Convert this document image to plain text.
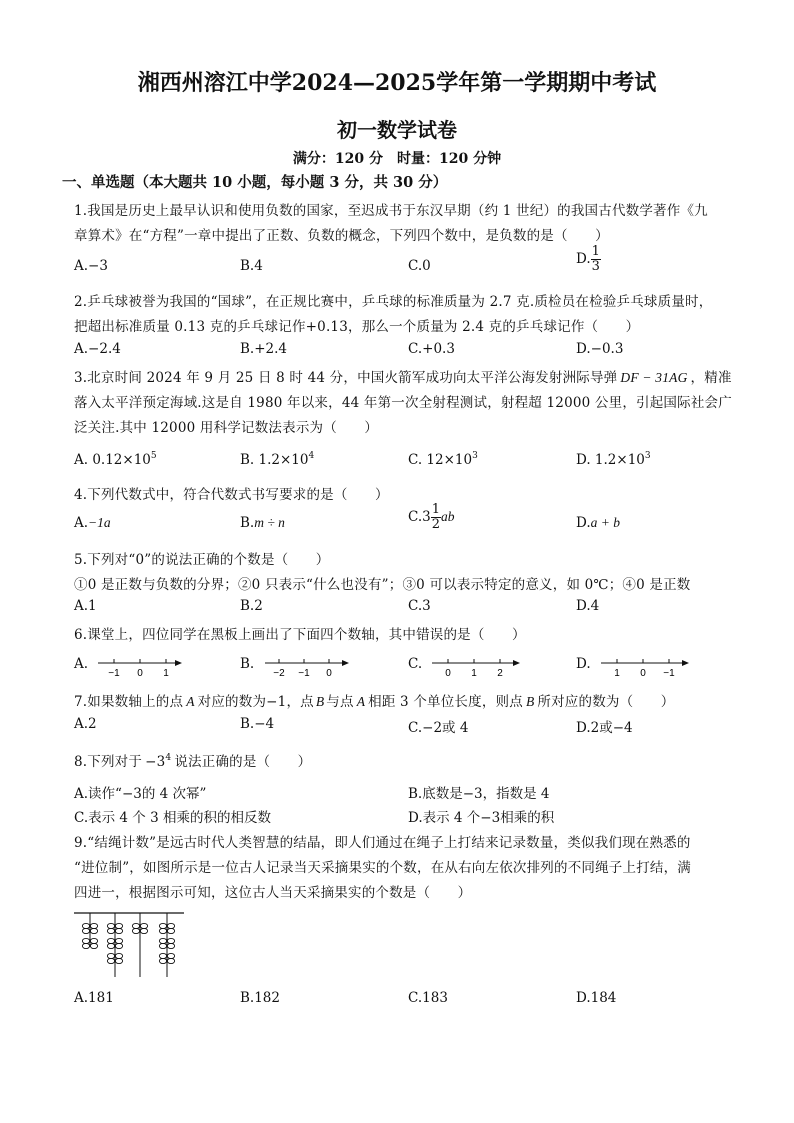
湘西州溶江中学2024—2025学年第一学期期中考试
初一数学试卷
满分：120 分　时量：120 分钟
一、单选题（本大题共 10 小题，每小题 3 分，共 30 分）
1.我国是历史上最早认识和使用负数的国家，至迟成书于东汉早期（约 1 世纪）的我国古代数学著作《九
章算术》在“方程”一章中提出了正数、负数的概念，下列四个数中，是负数的是（　　）
A.−3	B.4	C.0	D. $\frac{1}{3}$
2.乒乓球被誉为我国的“国球”，在正规比赛中，乒乓球的标准质量为 2.7 克.质检员在检验乒乓球质量时，
把超出标准质量 0.13 克的乒乓球记作+0.13，那么一个质量为 2.4 克的乒乓球记作（　　）
A.−2.4	B.+2.4	C.+0.3	D.−0.3
3.北京时间 2024 年 9 月 25 日 8 时 44 分，中国火箭军成功向太平洋公海发射洲际导弹 DF − 31AG ，精准
落入太平洋预定海域.这是自 1980 年以来，44 年第一次全射程测试，射程超 12000 公里，引起国际社会广
泛关注.其中 12000 用科学记数法表示为（　　）
A. $0.12\times 10^5$	B. $1.2\times 10^4$	C. $12\times 10^3$	D. $1.2\times 10^3$
4.下列代数式中，符合代数式书写要求的是（　　）
A.−1a	B.m ÷ n	$C.3 \frac{1}{2}$ ab	D.a + b
5.下列对“0”的说法正确的个数是（　　）
①0 是正数与负数的分界；②0 只表示“什么也没有”；③0 可以表示特定的意义，如 0℃；④0 是正数
A.1	B.2	C.3	D.4
6.课堂上，四位同学在黑板上画出了下面四个数轴，其中错误的是（　　）
A.
−1 0 1
B.
−2 −1 0
C.
0 1 2
D.
1 0 −1
7.如果数轴上的点 A 对应的数为−1，点 B 与点 A 相距 3 个单位长度，则点 B 所对应的数为（　　）
A.2	B.−4	C.−2或 4	D.2或−4
8.下列对于 $-3^4$ 说法正确的是（　　）
A.读作“−3的 4 次幂”	B.底数是−3，指数是 4
C.表示 4 个 3 相乘的积的相反数	D.表示 4 个−3相乘的积
9.“结绳计数”是远古时代人类智慧的结晶，即人们通过在绳子上打结来记录数量，类似我们现在熟悉的
“进位制”，如图所示是一位古人记录当天采摘果实的个数，在从右向左依次排列的不同绳子上打结，满
四进一，根据图示可知，这位古人当天采摘果实的个数是（　　）
A.181	B.182	C.183	D.184
